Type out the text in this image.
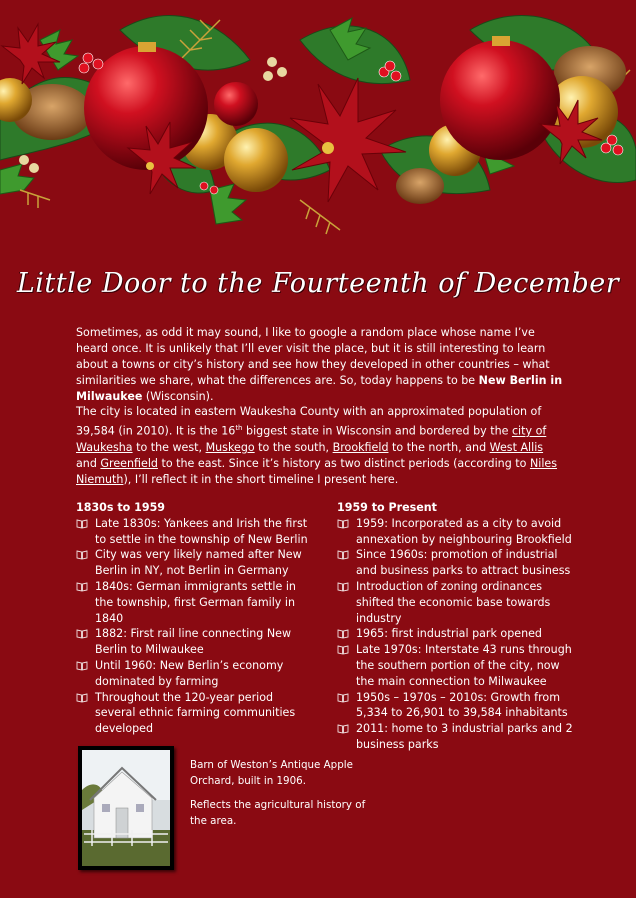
Little Door to the Fourteenth of December

Sometimes, as odd it may sound, I like to google a random place whose name I’ve heard once. It is unlikely that I’ll ever visit the place, but it is still interesting to learn about a towns or city’s history and see how they developed in other countries – what similarities we share, what the differences are. So, today happens to be New Berlin in Milwaukee (Wisconsin).

The city is located in eastern Waukesha County with an approximated population of 39,584 (in 2010). It is the 16th biggest state in Wisconsin and bordered by the city of Waukesha to the west, Muskego to the south, Brookfield to the north, and West Allis and Greenfield to the east. Since it’s history as two distinct periods (according to Niles Niemuth), I’ll reflect it in the short timeline I present here.

1830s to 1959
Late 1830s: Yankees and Irish the first to settle in the township of New Berlin
City was very likely named after New Berlin in NY, not Berlin in Germany
1840s: German immigrants settle in the township, first German family in 1840
1882: First rail line connecting New Berlin to Milwaukee
Until 1960: New Berlin’s economy dominated by farming
Throughout the 120-year period several ethnic farming communities developed
1959 to Present
1959: Incorporated as a city to avoid annexation by neighbouring Brookfield
Since 1960s: promotion of industrial and business parks to attract business
Introduction of zoning ordinances shifted the economic base towards industry
1965: first industrial park opened
Late 1970s: Interstate 43 runs through the southern portion of the city, now the main connection to Milwaukee
1950s – 1970s – 2010s: Growth from 5,334 to 26,901 to 39,584 inhabitants
2011: home to 3 industrial parks and 2 business parks

Barn of Weston’s Antique Apple Orchard, built in 1906.

Reflects the agricultural history of the area.
